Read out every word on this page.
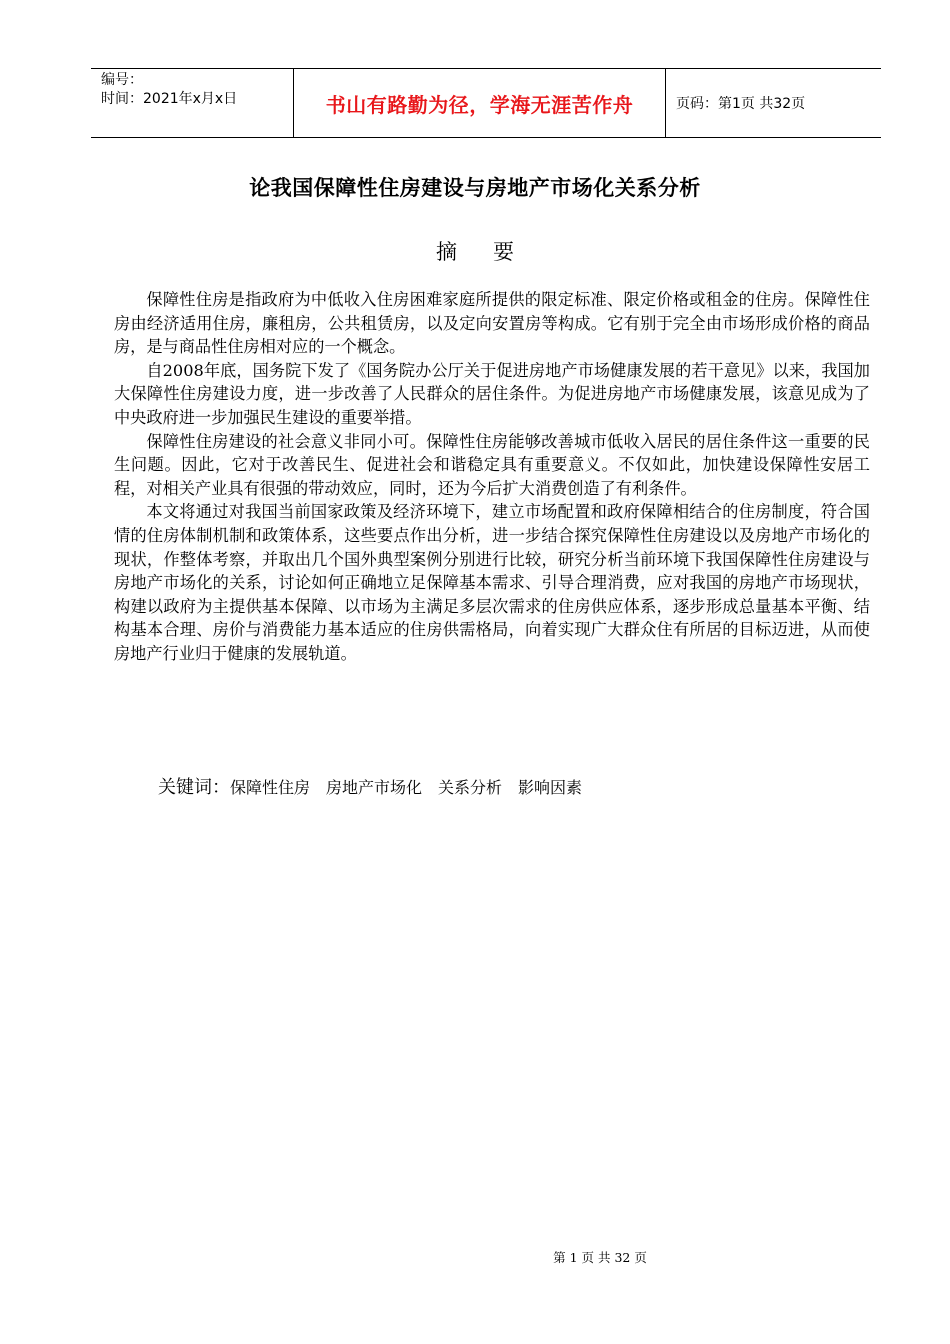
编号：
时间：2021年x月x日	书山有路勤为径，学海无涯苦作舟	页码：第1页 共32页
论我国保障性住房建设与房地产市场化关系分析
摘要

保障性住房是指政府为中低收入住房困难家庭所提供的限定标准、限定价格或租金的住房。保障性住房由经济适用住房，廉租房，公共租赁房，以及定向安置房等构成。它有别于完全由市场形成价格的商品房，是与商品性住房相对应的一个概念。

自2008年底，国务院下发了《国务院办公厅关于促进房地产市场健康发展的若干意见》以来，我国加大保障性住房建设力度，进一步改善了人民群众的居住条件。为促进房地产市场健康发展，该意见成为了中央政府进一步加强民生建设的重要举措。

保障性住房建设的社会意义非同小可。保障性住房能够改善城市低收入居民的居住条件这一重要的民生问题。因此，它对于改善民生、促进社会和谐稳定具有重要意义。不仅如此，加快建设保障性安居工程，对相关产业具有很强的带动效应，同时，还为今后扩大消费创造了有利条件。

本文将通过对我国当前国家政策及经济环境下，建立市场配置和政府保障相结合的住房制度，符合国情的住房体制机制和政策体系，这些要点作出分析，进一步结合探究保障性住房建设以及房地产市场化的现状，作整体考察，并取出几个国外典型案例分别进行比较，研究分析当前环境下我国保障性住房建设与房地产市场化的关系，讨论如何正确地立足保障基本需求、引导合理消费，应对我国的房地产市场现状，构建以政府为主提供基本保障、以市场为主满足多层次需求的住房供应体系，逐步形成总量基本平衡、结构基本合理、房价与消费能力基本适应的住房供需格局，向着实现广大群众住有所居的目标迈进，从而使房地产行业归于健康的发展轨道。

关键词：保障性住房 房地产市场化 关系分析 影响因素
第 1 页 共 32 页
